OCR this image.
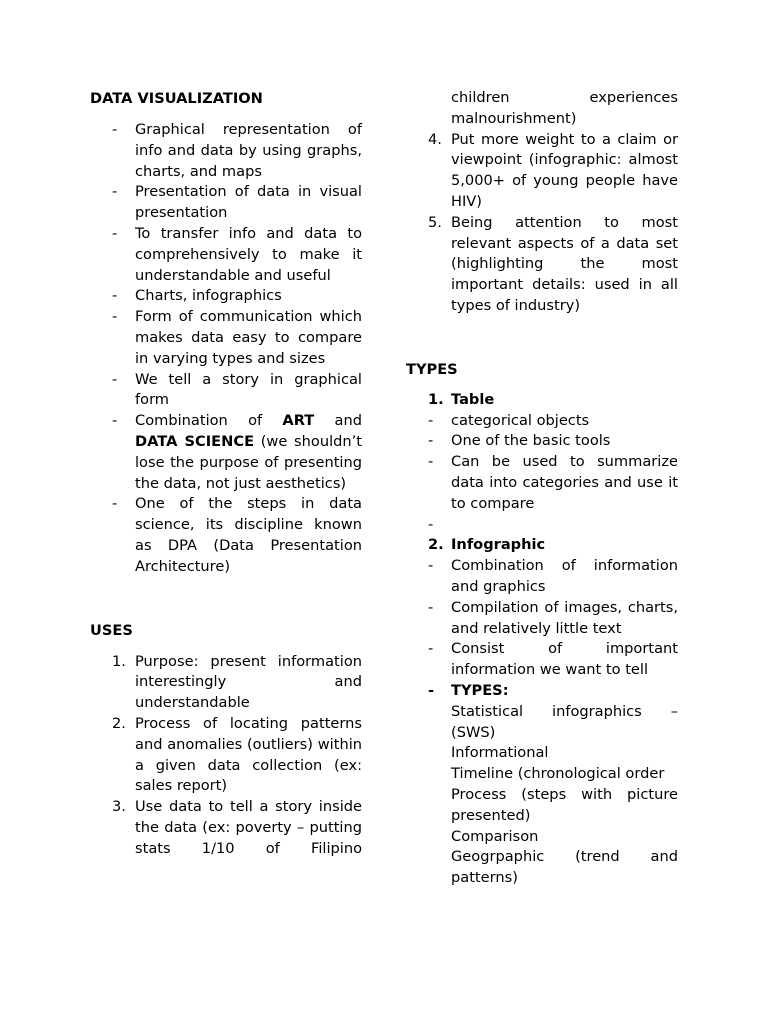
DATA VISUALIZATION
- Graphical representation of info and data by using graphs, charts, and maps
- Presentation of data in visual presentation
- To transfer info and data to comprehensively to make it understandable and useful
- Charts, infographics
- Form of communication which makes data easy to compare in varying types and sizes
- We tell a story in graphical form
- Combination of ART and DATA SCIENCE (we shouldn’t lose the purpose of presenting the data, not just aesthetics)
- One of the steps in data science, its discipline known as DPA (Data Presentation Architecture)
USES
1. Purpose: present information interestingly and understandable
2. Process of locating patterns and anomalies (outliers) within a given data collection (ex: sales report)
3. Use data to tell a story inside the data (ex: poverty – putting stats 1/10 of Filipino
children experiences malnourishment)
4. Put more weight to a claim or viewpoint (infographic: almost 5,000+ of young people have HIV)
5. Being attention to most relevant aspects of a data set (highlighting the most important details: used in all types of industry)
TYPES
1. Table
- categorical objects
- One of the basic tools
- Can be used to summarize data into categories and use it to compare
-
2. Infographic
- Combination of information and graphics
- Compilation of images, charts, and relatively little text
- Consist of important information we want to tell
- TYPES:
Statistical infographics – (SWS)
Informational
Timeline (chronological order
Process (steps with picture presented)
Comparison
Geogrpaphic (trend and patterns)
